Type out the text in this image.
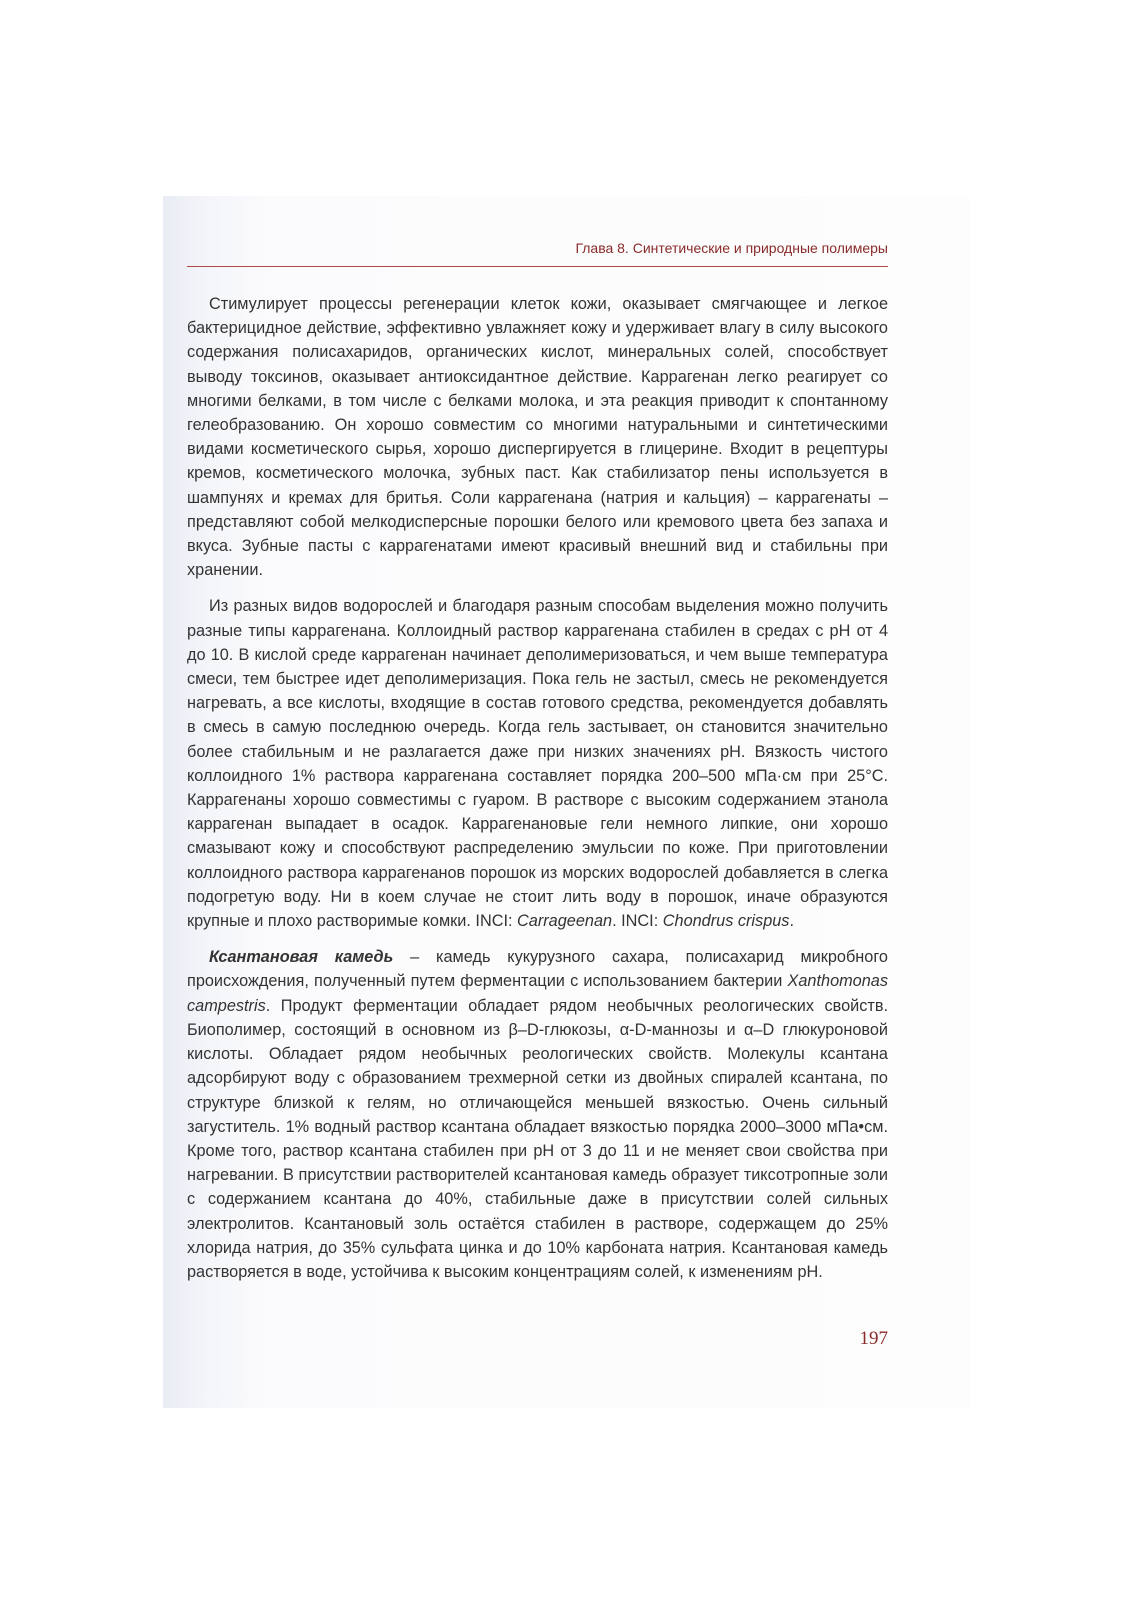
Глава 8. Синтетические и природные полимеры

Стимулирует процессы регенерации клеток кожи, оказывает смягчающее и легкое бактерицидное действие, эффективно увлажняет кожу и удерживает влагу в силу высокого содержания полисахаридов, органических кислот, минеральных солей, способствует выводу токсинов, оказывает антиоксидантное действие. Каррагенан легко реагирует со многими белками, в том числе с белками молока, и эта реакция приводит к спонтанному гелеобразованию. Он хорошо совместим со многими натуральными и синтетическими видами косметического сырья, хорошо диспергируется в глицерине. Входит в рецептуры кремов, косметического молочка, зубных паст. Как стабилизатор пены используется в шампунях и кремах для бритья. Соли каррагенана (натрия и кальция) – каррагенаты – представляют собой мелкодисперсные порошки белого или кремового цвета без запаха и вкуса. Зубные пасты с каррагенатами имеют красивый внешний вид и стабильны при хранении.

Из разных видов водорослей и благодаря разным способам выделения можно получить разные типы каррагенана. Коллоидный раствор каррагенана стабилен в средах с pH от 4 до 10. В кислой среде каррагенан начинает деполимеризоваться, и чем выше температура смеси, тем быстрее идет деполимеризация. Пока гель не застыл, смесь не рекомендуется нагревать, а все кислоты, входящие в состав готового средства, рекомендуется добавлять в смесь в самую последнюю очередь. Когда гель застывает, он становится значительно более стабильным и не разлагается даже при низких значениях pH. Вязкость чистого коллоидного 1% раствора каррагенана составляет порядка 200–500 мПа·см при 25°С. Каррагенаны хорошо совместимы с гуаром. В растворе с высоким содержанием этанола каррагенан выпадает в осадок. Каррагенановые гели немного липкие, они хорошо смазывают кожу и способствуют распределению эмульсии по коже. При приготовлении коллоидного раствора каррагенанов порошок из морских водорослей добавляется в слегка подогретую воду. Ни в коем случае не стоит лить воду в порошок, иначе образуются крупные и плохо растворимые комки. INCI: Carrageenan. INCI: Chondrus crispus.

Ксантановая камедь – камедь кукурузного сахара, полисахарид микробного происхождения, полученный путем ферментации с использованием бактерии Xanthomonas campestris. Продукт ферментации обладает рядом необычных реологических свойств. Биополимер, состоящий в основном из β–D-глюкозы, α-D-маннозы и α–D глюкуроновой кислоты. Обладает рядом необычных реологических свойств. Молекулы ксантана адсорбируют воду с образованием трехмерной сетки из двойных спиралей ксантана, по структуре близкой к гелям, но отличающейся меньшей вязкостью. Очень сильный загуститель. 1% водный раствор ксантана обладает вязкостью порядка 2000–3000 мПа•см. Кроме того, раствор ксантана стабилен при pH от 3 до 11 и не меняет свои свойства при нагревании. В присутствии растворителей ксантановая камедь образует тиксотропные золи с содержанием ксантана до 40%, стабильные даже в присутствии солей сильных электролитов. Ксантановый золь остаётся стабилен в растворе, содержащем до 25% хлорида натрия, до 35% сульфата цинка и до 10% карбоната натрия. Ксантановая камедь растворяется в воде, устойчива к высоким концентрациям солей, к изменениям pH.

197
